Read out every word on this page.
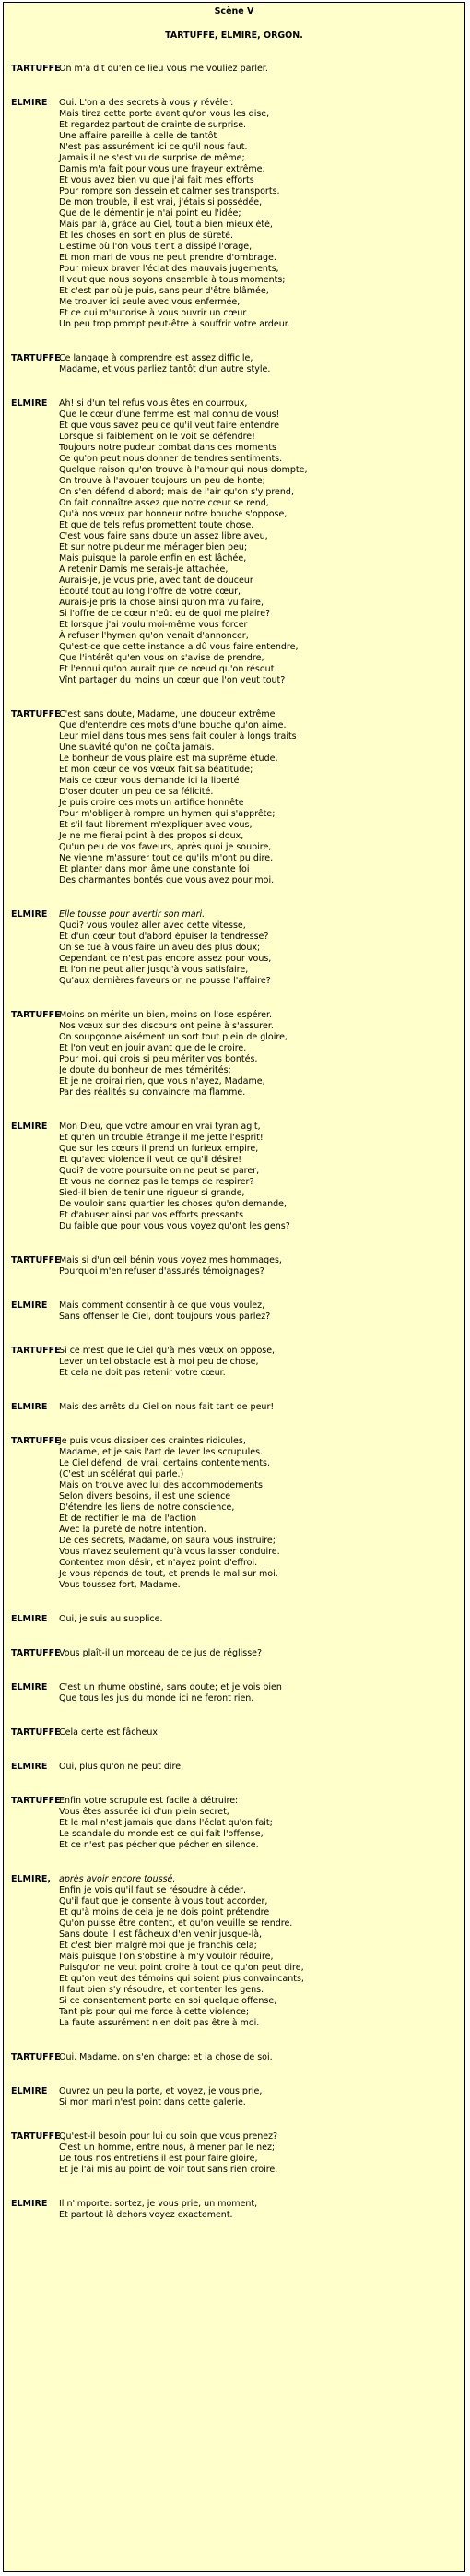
Scène V
TARTUFFE, ELMIRE, ORGON.
TARTUFFE
On m'a dit qu'en ce lieu vous me vouliez parler.
ELMIRE	Oui. L'on a des secrets à vous y révéler.
Mais tirez cette porte avant qu'on vous les dise,
Et regardez partout de crainte de surprise.
Une affaire pareille à celle de tantôt
N'est pas assurément ici ce qu'il nous faut.
Jamais il ne s'est vu de surprise de même;
Damis m'a fait pour vous une frayeur extrême,
Et vous avez bien vu que j'ai fait mes efforts
Pour rompre son dessein et calmer ses transports.
De mon trouble, il est vrai, j'étais si possédée,
Que de le démentir je n'ai point eu l'idée;
Mais par là, grâce au Ciel, tout a bien mieux été,
Et les choses en sont en plus de sûreté.
L'estime où l'on vous tient a dissipé l'orage,
Et mon mari de vous ne peut prendre d'ombrage.
Pour mieux braver l'éclat des mauvais jugements,
Il veut que nous soyons ensemble à tous moments;
Et c'est par où je puis, sans peur d'être blâmée,
Me trouver ici seule avec vous enfermée,
Et ce qui m'autorise à vous ouvrir un cœur
Un peu trop prompt peut-être à souffrir votre ardeur.
TARTUFFE
Ce langage à comprendre est assez difficile,
Madame, et vous parliez tantôt d'un autre style.
ELMIRE	Ah! si d'un tel refus vous êtes en courroux,
Que le cœur d'une femme est mal connu de vous!
Et que vous savez peu ce qu'il veut faire entendre
Lorsque si faiblement on le voit se défendre!
Toujours notre pudeur combat dans ces moments
Ce qu'on peut nous donner de tendres sentiments.
Quelque raison qu'on trouve à l'amour qui nous dompte,
On trouve à l'avouer toujours un peu de honte;
On s'en défend d'abord; mais de l'air qu'on s'y prend,
On fait connaître assez que notre cœur se rend,
Qu'à nos vœux par honneur notre bouche s'oppose,
Et que de tels refus promettent toute chose.
C'est vous faire sans doute un assez libre aveu,
Et sur notre pudeur me ménager bien peu;
Mais puisque la parole enfin en est lâchée,
À retenir Damis me serais-je attachée,
Aurais-je, je vous prie, avec tant de douceur
Écouté tout au long l'offre de votre cœur,
Aurais-je pris la chose ainsi qu'on m'a vu faire,
Si l'offre de ce cœur n'eût eu de quoi me plaire?
Et lorsque j'ai voulu moi-même vous forcer
À refuser l'hymen qu'on venait d'annoncer,
Qu'est-ce que cette instance a dû vous faire entendre,
Que l'intérêt qu'en vous on s'avise de prendre,
Et l'ennui qu'on aurait que ce nœud qu'on résout
Vînt partager du moins un cœur que l'on veut tout?
TARTUFFE
C'est sans doute, Madame, une douceur extrême
Que d'entendre ces mots d'une bouche qu'on aime.
Leur miel dans tous mes sens fait couler à longs traits
Une suavité qu'on ne goûta jamais.
Le bonheur de vous plaire est ma suprême étude,
Et mon cœur de vos vœux fait sa béatitude;
Mais ce cœur vous demande ici la liberté
D'oser douter un peu de sa félicité.
Je puis croire ces mots un artifice honnête
Pour m'obliger à rompre un hymen qui s'apprête;
Et s'il faut librement m'expliquer avec vous,
Je ne me fierai point à des propos si doux,
Qu'un peu de vos faveurs, après quoi je soupire,
Ne vienne m'assurer tout ce qu'ils m'ont pu dire,
Et planter dans mon âme une constante foi
Des charmantes bontés que vous avez pour moi.
ELMIRE	Elle tousse pour avertir son mari.
Quoi? vous voulez aller avec cette vitesse,
Et d'un cœur tout d'abord épuiser la tendresse?
On se tue à vous faire un aveu des plus doux;
Cependant ce n'est pas encore assez pour vous,
Et l'on ne peut aller jusqu'à vous satisfaire,
Qu'aux dernières faveurs on ne pousse l'affaire?
TARTUFFE
Moins on mérite un bien, moins on l'ose espérer.
Nos vœux sur des discours ont peine à s'assurer.
On soupçonne aisément un sort tout plein de gloire,
Et l'on veut en jouir avant que de le croire.
Pour moi, qui crois si peu mériter vos bontés,
Je doute du bonheur de mes témérités;
Et je ne croirai rien, que vous n'ayez, Madame,
Par des réalités su convaincre ma flamme.
ELMIRE	Mon Dieu, que votre amour en vrai tyran agit,
Et qu'en un trouble étrange il me jette l'esprit!
Que sur les cœurs il prend un furieux empire,
Et qu'avec violence il veut ce qu'il désire!
Quoi? de votre poursuite on ne peut se parer,
Et vous ne donnez pas le temps de respirer?
Sied-il bien de tenir une rigueur si grande,
De vouloir sans quartier les choses qu'on demande,
Et d'abuser ainsi par vos efforts pressants
Du faible que pour vous vous voyez qu'ont les gens?
TARTUFFE
Mais si d'un œil bénin vous voyez mes hommages,
Pourquoi m'en refuser d'assurés témoignages?
ELMIRE	Mais comment consentir à ce que vous voulez,
Sans offenser le Ciel, dont toujours vous parlez?
TARTUFFE
Si ce n'est que le Ciel qu'à mes vœux on oppose,
Lever un tel obstacle est à moi peu de chose,
Et cela ne doit pas retenir votre cœur.
ELMIRE	Mais des arrêts du Ciel on nous fait tant de peur!
TARTUFFE
Je puis vous dissiper ces craintes ridicules,
Madame, et je sais l'art de lever les scrupules.
Le Ciel défend, de vrai, certains contentements,
(C'est un scélérat qui parle.)
Mais on trouve avec lui des accommodements.
Selon divers besoins, il est une science
D'étendre les liens de notre conscience,
Et de rectifier le mal de l'action
Avec la pureté de notre intention.
De ces secrets, Madame, on saura vous instruire;
Vous n'avez seulement qu'à vous laisser conduire.
Contentez mon désir, et n'ayez point d'effroi.
Je vous réponds de tout, et prends le mal sur moi.
Vous toussez fort, Madame.
ELMIRE	Oui, je suis au supplice.
TARTUFFE
Vous plaît-il un morceau de ce jus de réglisse?
ELMIRE	C'est un rhume obstiné, sans doute; et je vois bien
Que tous les jus du monde ici ne feront rien.
TARTUFFE
Cela certe est fâcheux.
ELMIRE	Oui, plus qu'on ne peut dire.
TARTUFFE
Enfin votre scrupule est facile à détruire:
Vous êtes assurée ici d'un plein secret,
Et le mal n'est jamais que dans l'éclat qu'on fait;
Le scandale du monde est ce qui fait l'offense,
Et ce n'est pas pécher que pécher en silence.
ELMIRE, après avoir encore toussé.
Enfin je vois qu'il faut se résoudre à céder,
Qu'il faut que je consente à vous tout accorder,
Et qu'à moins de cela je ne dois point prétendre
Qu'on puisse être content, et qu'on veuille se rendre.
Sans doute il est fâcheux d'en venir jusque-là,
Et c'est bien malgré moi que je franchis cela;
Mais puisque l'on s'obstine à m'y vouloir réduire,
Puisqu'on ne veut point croire à tout ce qu'on peut dire,
Et qu'on veut des témoins qui soient plus convaincants,
Il faut bien s'y résoudre, et contenter les gens.
Si ce consentement porte en soi quelque offense,
Tant pis pour qui me force à cette violence;
La faute assurément n'en doit pas être à moi.
TARTUFFE
Oui, Madame, on s'en charge; et la chose de soi.
ELMIRE	Ouvrez un peu la porte, et voyez, je vous prie,
Si mon mari n'est point dans cette galerie.
TARTUFFE
Qu'est-il besoin pour lui du soin que vous prenez?
C'est un homme, entre nous, à mener par le nez;
De tous nos entretiens il est pour faire gloire,
Et je l'ai mis au point de voir tout sans rien croire.
ELMIRE	Il n'importe: sortez, je vous prie, un moment,
Et partout là dehors voyez exactement.
